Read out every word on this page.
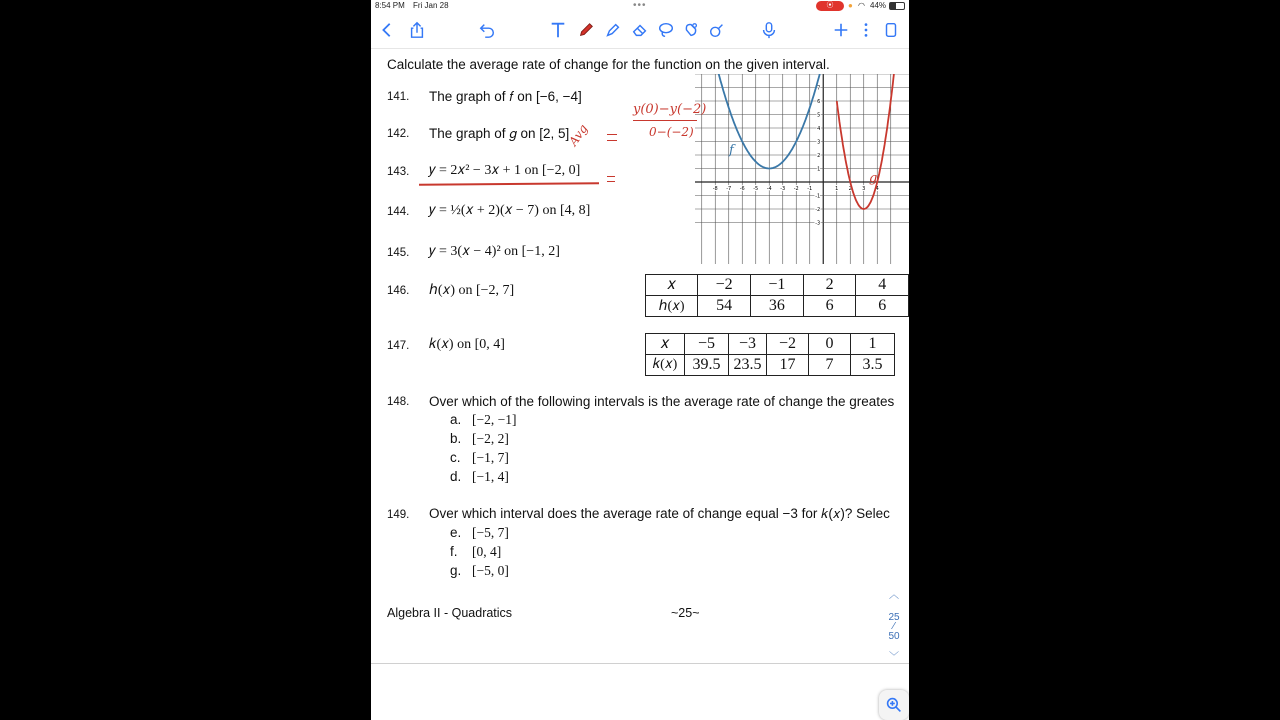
8:54 PM Fri Jan 28	•••	⦿	● ◠ 44%
Calculate the average rate of change for the function on the given interval.
141. The graph of 𝑓 on [−6, −4]
142. The graph of 𝑔 on [2, 5]
143. 𝑦 = 2𝑥² − 3𝑥 + 1 on [−2, 0]
144. 𝑦 = ½(𝑥 + 2)(𝑥 − 7) on [4, 8]
145. 𝑦 = 3(𝑥 − 4)² on [−1, 2]
146. ℎ(𝑥) on [−2, 7]
147. 𝑘(𝑥) on [0, 4]
148. Over which of the following intervals is the average rate of change the greates
a. [−2, −1]
b. [−2, 2]
c. [−1, 7]
d. [−1, 4]
149. Over which interval does the average rate of change equal −3 for 𝑘(𝑥)? Selec
e. [−5, 7]
f. [0, 4]
g. [−5, 0]
𝑥	−2	−1	2	4
ℎ(𝑥)	54	36	6	6
𝑥	−5	−3	−2	0	1
𝑘(𝑥)	39.5	23.5	17	7	3.5
-8 -7 -6 -5 -4 -3 -2 -1	1 2 3 4
7
6
5
4
3
2
1
-1
-2
-3
f
g
y(0)−y(−2)
0−(−2)
Avg
Algebra II - Quadratics	~25~
︿
25
⁄
50
﹀
